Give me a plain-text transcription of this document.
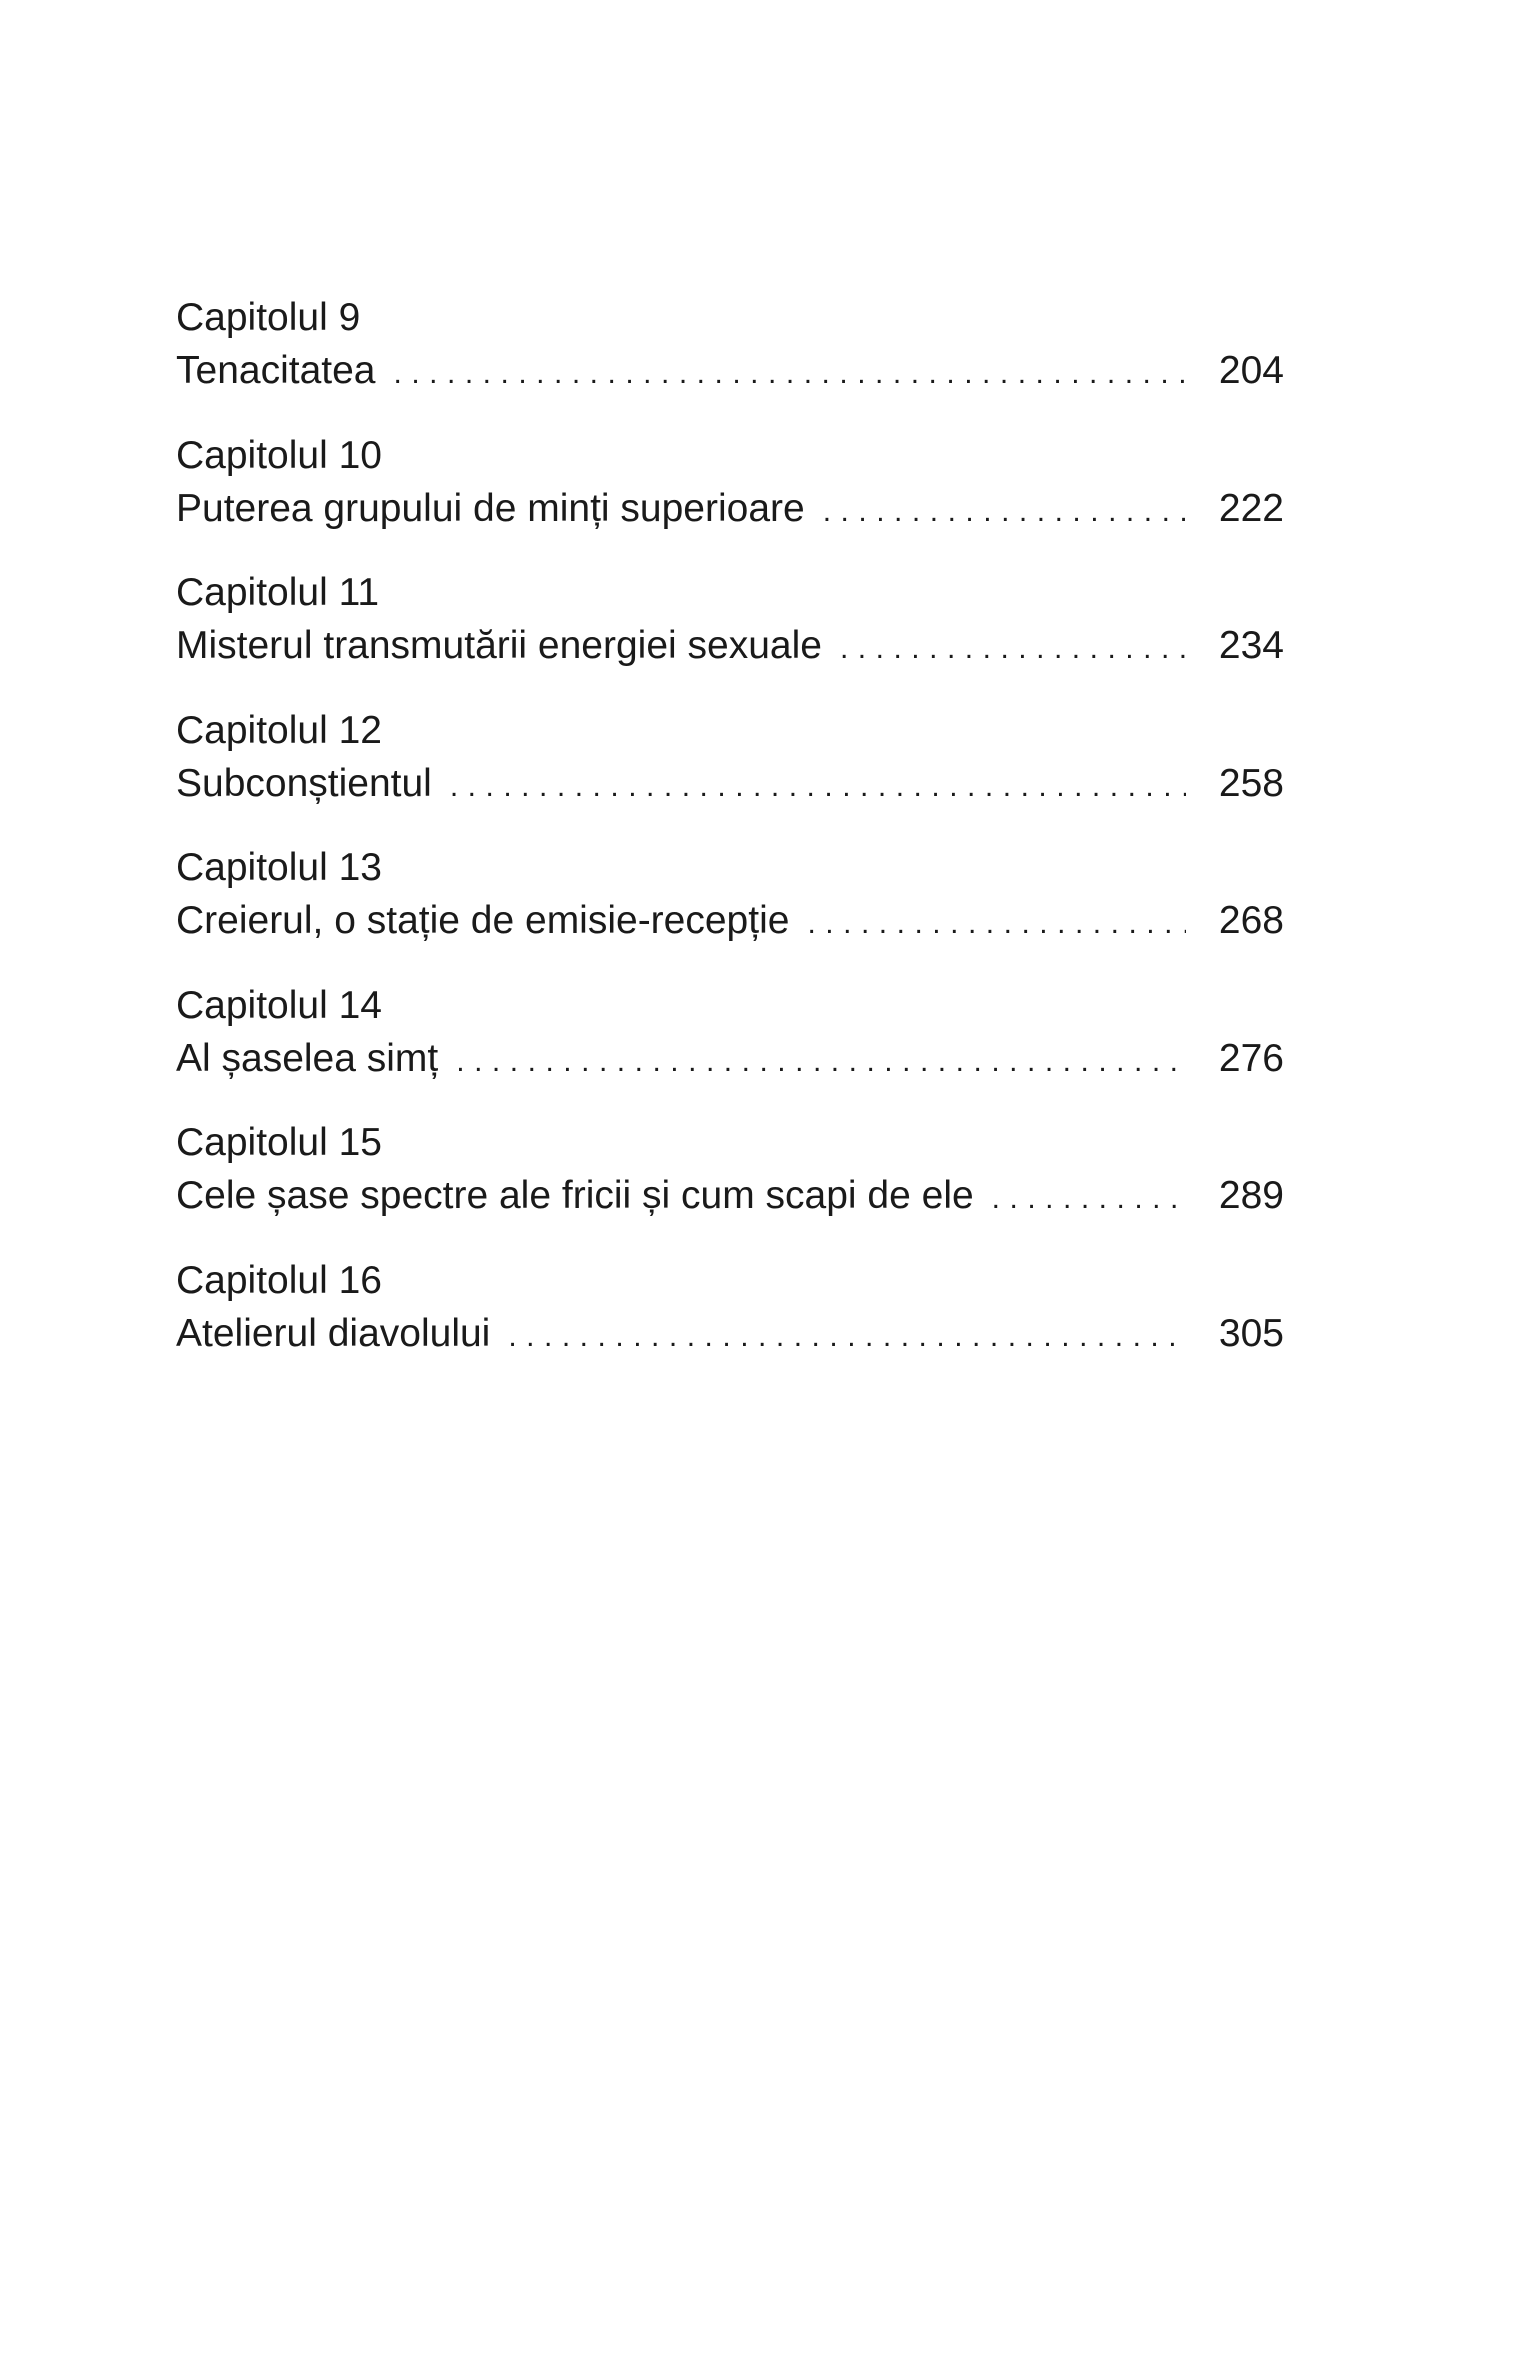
Capitolul 9
Tenacitatea .....	204
Capitolul 10
Puterea grupului de minți superioare .....	222
Capitolul 11
Misterul transmutării energiei sexuale .....	234
Capitolul 12
Subconștientul .....	258
Capitolul 13
Creierul, o stație de emisie-recepție .....	268
Capitolul 14
Al șaselea simț .....	276
Capitolul 15
Cele șase spectre ale fricii și cum scapi de ele .....	289
Capitolul 16
Atelierul diavolului .....	305
